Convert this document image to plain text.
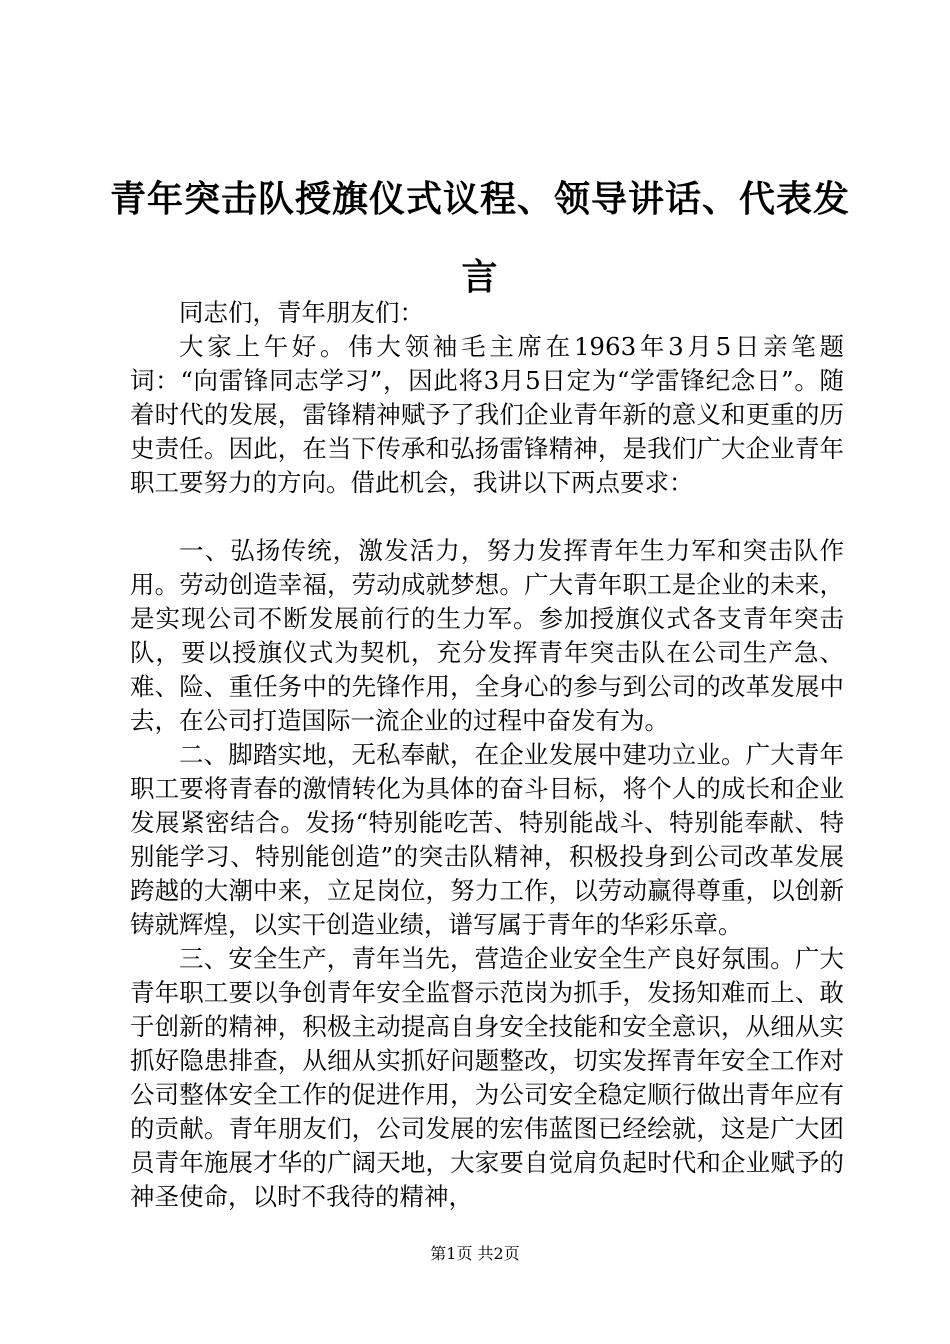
青年突击队授旗仪式议程、领导讲话、代表发言

同志们，青年朋友们：

大家上午好。伟大领袖毛主席在1963年3月5日亲笔题词：“向雷锋同志学习”，因此将3月5日定为“学雷锋纪念日”。随着时代的发展，雷锋精神赋予了我们企业青年新的意义和更重的历史责任。因此，在当下传承和弘扬雷锋精神，是我们广大企业青年职工要努力的方向。借此机会，我讲以下两点要求：

一、弘扬传统，激发活力，努力发挥青年生力军和突击队作用。劳动创造幸福，劳动成就梦想。广大青年职工是企业的未来，是实现公司不断发展前行的生力军。参加授旗仪式各支青年突击队，要以授旗仪式为契机，充分发挥青年突击队在公司生产急、难、险、重任务中的先锋作用，全身心的参与到公司的改革发展中去，在公司打造国际一流企业的过程中奋发有为。

二、脚踏实地，无私奉献，在企业发展中建功立业。广大青年职工要将青春的激情转化为具体的奋斗目标，将个人的成长和企业发展紧密结合。发扬“特别能吃苦、特别能战斗、特别能奉献、特别能学习、特别能创造”的突击队精神，积极投身到公司改革发展跨越的大潮中来，立足岗位，努力工作，以劳动赢得尊重，以创新铸就辉煌，以实干创造业绩，谱写属于青年的华彩乐章。

三、安全生产，青年当先，营造企业安全生产良好氛围。广大青年职工要以争创青年安全监督示范岗为抓手，发扬知难而上、敢于创新的精神，积极主动提高自身安全技能和安全意识，从细从实抓好隐患排查，从细从实抓好问题整改，切实发挥青年安全工作对公司整体安全工作的促进作用，为公司安全稳定顺行做出青年应有的贡献。青年朋友们，公司发展的宏伟蓝图已经绘就，这是广大团员青年施展才华的广阔天地，大家要自觉肩负起时代和企业赋予的神圣使命，以时不我待的精神，

第1页 共2页
